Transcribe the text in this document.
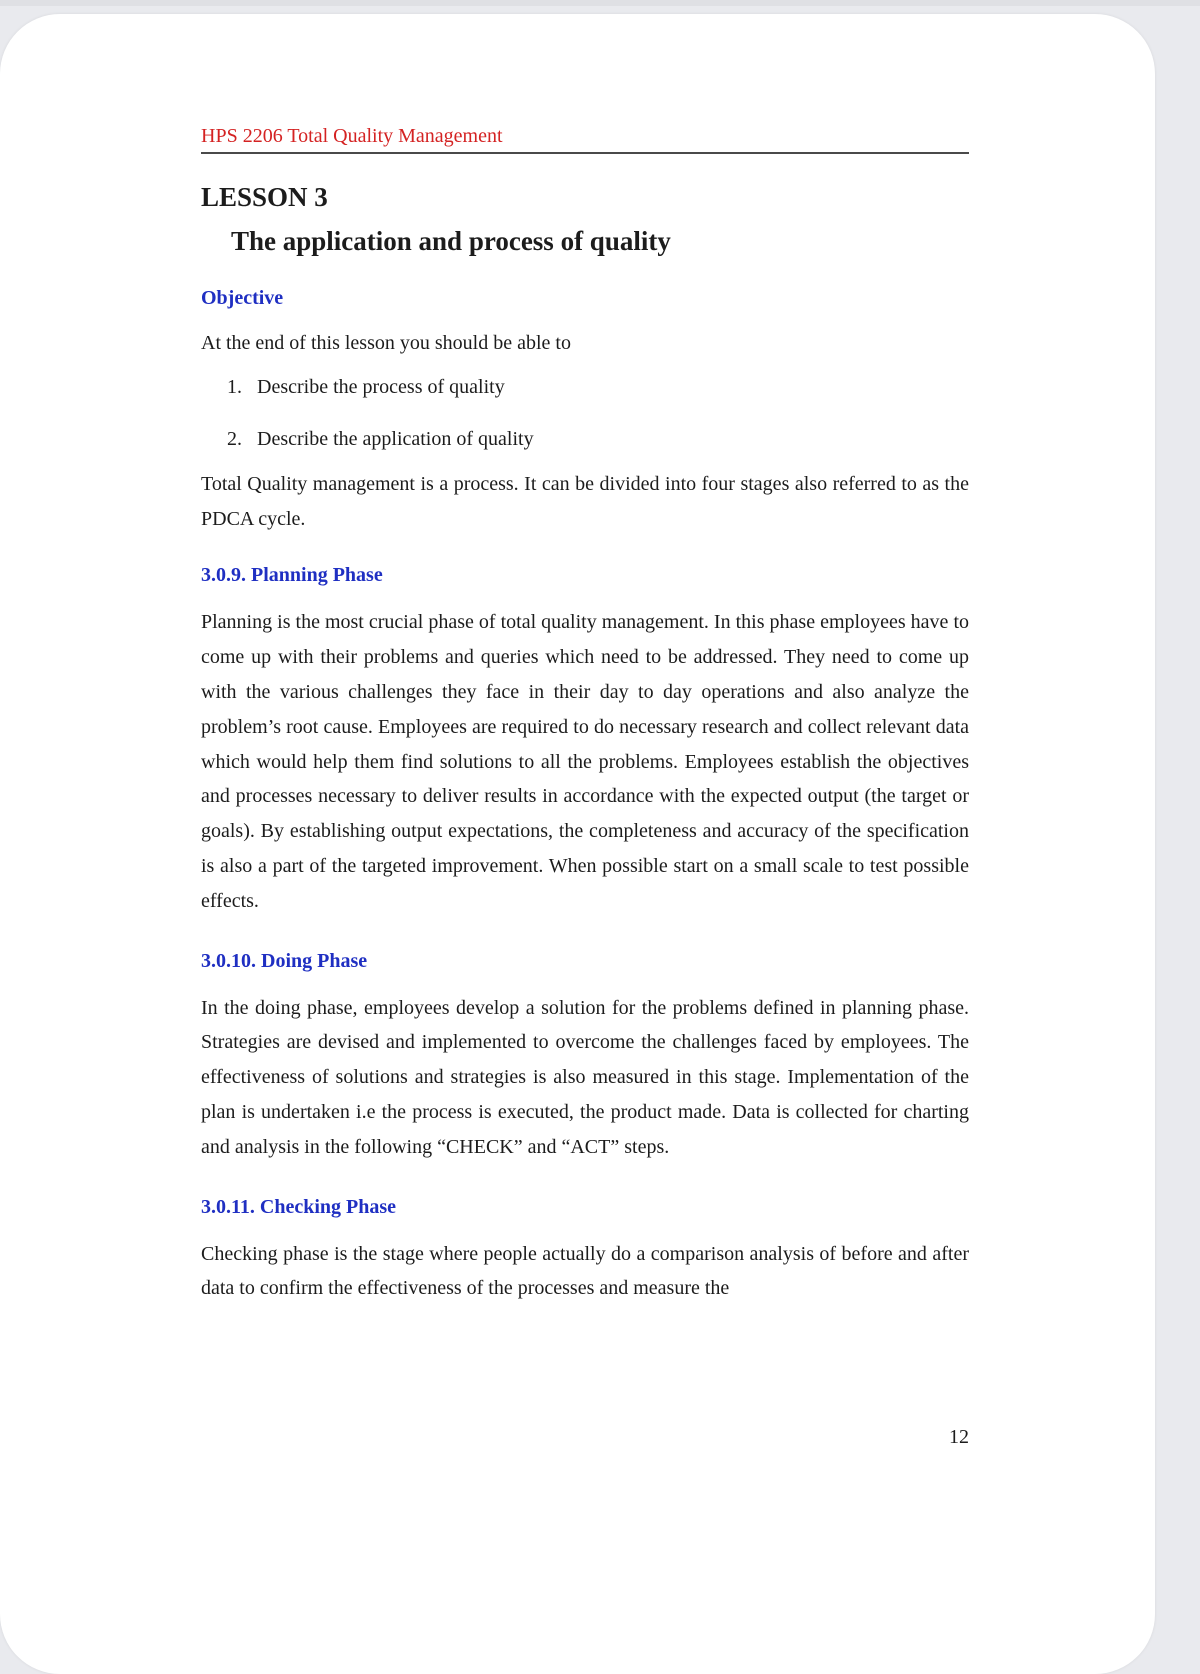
HPS 2206 Total Quality Management
LESSON 3
The application and process of quality
Objective

At the end of this lesson you should be able to

1. Describe the process of quality
2. Describe the application of quality

Total Quality management is a process. It can be divided into four stages also referred to as the PDCA cycle.

3.0.9. Planning Phase

Planning is the most crucial phase of total quality management. In this phase employees have to come up with their problems and queries which need to be addressed. They need to come up with the various challenges they face in their day to day operations and also analyze the problem’s root cause. Employees are required to do necessary research and collect relevant data which would help them find solutions to all the problems. Employees establish the objectives and processes necessary to deliver results in accordance with the expected output (the target or goals). By establishing output expectations, the completeness and accuracy of the specification is also a part of the targeted improvement. When possible start on a small scale to test possible effects.

3.0.10. Doing Phase

In the doing phase, employees develop a solution for the problems defined in planning phase. Strategies are devised and implemented to overcome the challenges faced by employees. The effectiveness of solutions and strategies is also measured in this stage. Implementation of the plan is undertaken i.e the process is executed, the product made. Data is collected for charting and analysis in the following “CHECK” and “ACT” steps.

3.0.11. Checking Phase

Checking phase is the stage where people actually do a comparison analysis of before and after data to confirm the effectiveness of the processes and measure the

12
